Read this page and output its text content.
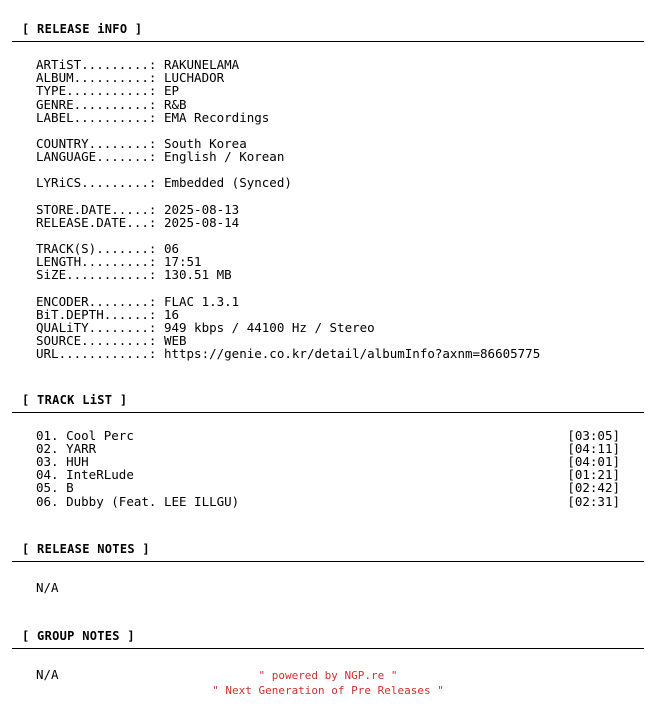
[ RELEASE iNFO ]
ARTiST.........: RAKUNELAMA
ALBUM..........: LUCHADOR
TYPE...........: EP
GENRE..........: R&B
LABEL..........: EMA Recordings
COUNTRY........: South Korea
LANGUAGE.......: English / Korean
LYRiCS.........: Embedded (Synced)
STORE.DATE.....: 2025-08-13
RELEASE.DATE...: 2025-08-14
TRACK(S).......: 06
LENGTH.........: 17:51
SiZE...........: 130.51 MB
ENCODER........: FLAC 1.3.1
BiT.DEPTH......: 16
QUALiTY........: 949 kbps / 44100 Hz / Stereo
SOURCE.........: WEB
URL............: https://genie.co.kr/detail/albumInfo?axnm=86605775
[ TRACK LiST ]
01. Cool Perc	[03:05]
02. YARR	[04:11]
03. HUH	[04:01]
04. InteRLude	[01:21]
05. B	[02:42]
06. Dubby (Feat. LEE ILLGU)	[02:31]
[ RELEASE NOTES ]
N/A
[ GROUP NOTES ]
N/A	" powered by NGP.re "
" Next Generation of Pre Releases "
